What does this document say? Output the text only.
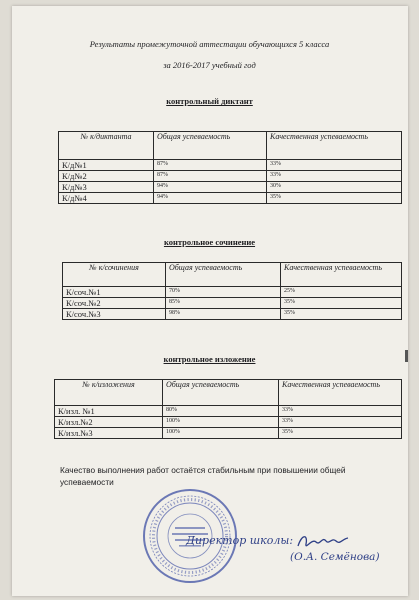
Результаты промежуточной аттестации обучающихся 5 класса
за 2016-2017 учебный год
контрольный диктант
№ к/диктанта	Общая успеваемость	Качественная успеваемость
К/д№1	87%	33%
К/д№2	87%	33%
К/д№3	94%	30%
К/д№4	94%	35%
контрольное сочинение
№ к/сочинения	Общая успеваемость	Качественная успеваемость
К/соч.№1	70%	25%
К/соч.№2	85%	35%
К/соч.№3	98%	35%
контрольное изложение
№ к/изложения	Общая успеваемость	Качественная успеваемость
К/изл. №1	80%	33%
К/изл.№2	100%	33%
К/изл.№3	100%	35%
Качество выполнения работ остаётся стабильным при повышении общей успеваемости
Директор школы:
(О.А. Семёнова)
